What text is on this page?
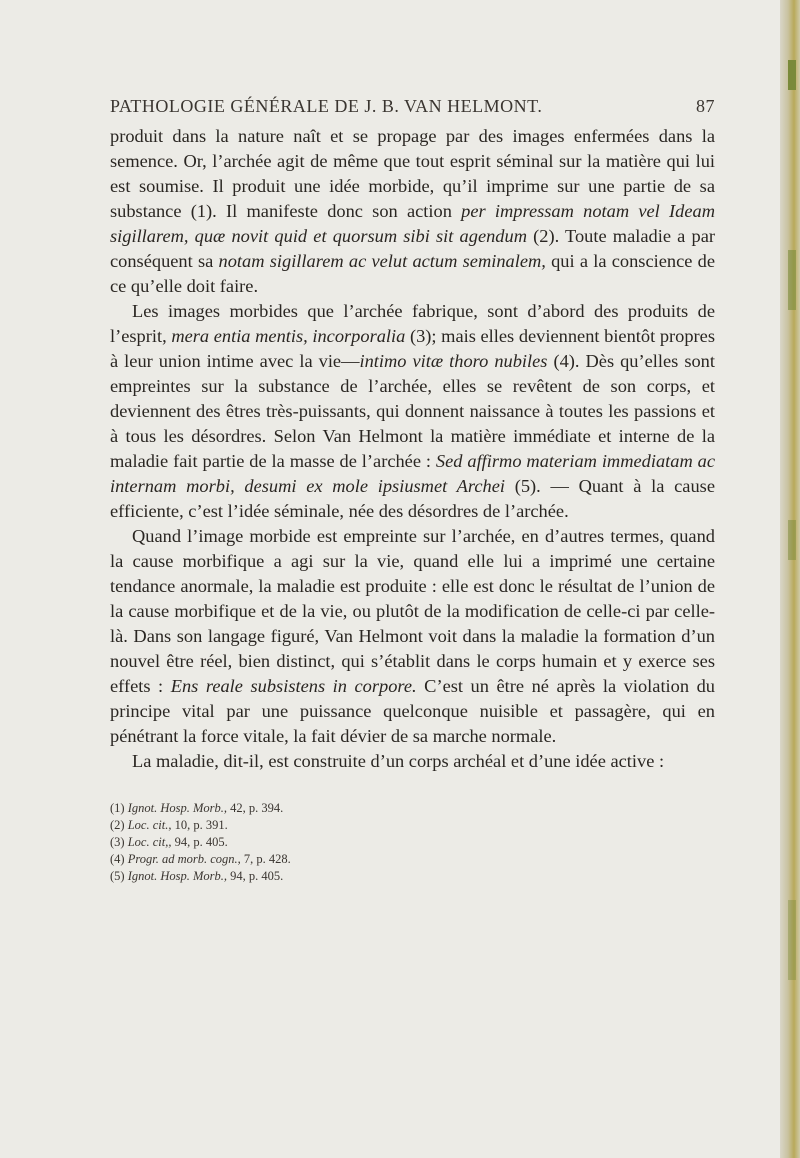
PATHOLOGIE GÉNÉRALE DE J. B. VAN HELMONT.	87

produit dans la nature naît et se propage par des images enfermées dans la semence. Or, l’archée agit de même que tout esprit séminal sur la matière qui lui est soumise. Il produit une idée morbide, qu’il imprime sur une partie de sa substance (1). Il manifeste donc son action per impressam notam vel Ideam sigillarem, quæ novit quid et quorsum sibi sit agendum (2). Toute maladie a par conséquent sa notam sigillarem ac velut actum seminalem, qui a la conscience de ce qu’elle doit faire.

Les images morbides que l’archée fabrique, sont d’abord des produits de l’esprit, mera entia mentis, incorporalia (3); mais elles deviennent bientôt propres à leur union intime avec la vie—intimo vitæ thoro nubiles (4). Dès qu’elles sont empreintes sur la substance de l’archée, elles se revêtent de son corps, et deviennent des êtres très-puissants, qui donnent naissance à toutes les passions et à tous les désordres. Selon Van Helmont la matière immédiate et interne de la maladie fait partie de la masse de l’archée : Sed affirmo materiam immediatam ac internam morbi, desumi ex mole ipsiusmet Archei (5). — Quant à la cause efficiente, c’est l’idée séminale, née des désordres de l’archée.

Quand l’image morbide est empreinte sur l’archée, en d’autres termes, quand la cause morbifique a agi sur la vie, quand elle lui a imprimé une certaine tendance anormale, la maladie est produite : elle est donc le résultat de l’union de la cause morbifique et de la vie, ou plutôt de la modification de celle-ci par celle-là. Dans son langage figuré, Van Helmont voit dans la maladie la formation d’un nouvel être réel, bien distinct, qui s’établit dans le corps humain et y exerce ses effets : Ens reale subsistens in corpore. C’est un être né après la violation du principe vital par une puissance quelconque nuisible et passagère, qui en pénétrant la force vitale, la fait dévier de sa marche normale.

La maladie, dit-il, est construite d’un corps archéal et d’une idée active :

(1) Ignot. Hosp. Morb., 42, p. 394.
(2) Loc. cit., 10, p. 391.
(3) Loc. cit,, 94, p. 405.
(4) Progr. ad morb. cogn., 7, p. 428.
(5) Ignot. Hosp. Morb., 94, p. 405.
